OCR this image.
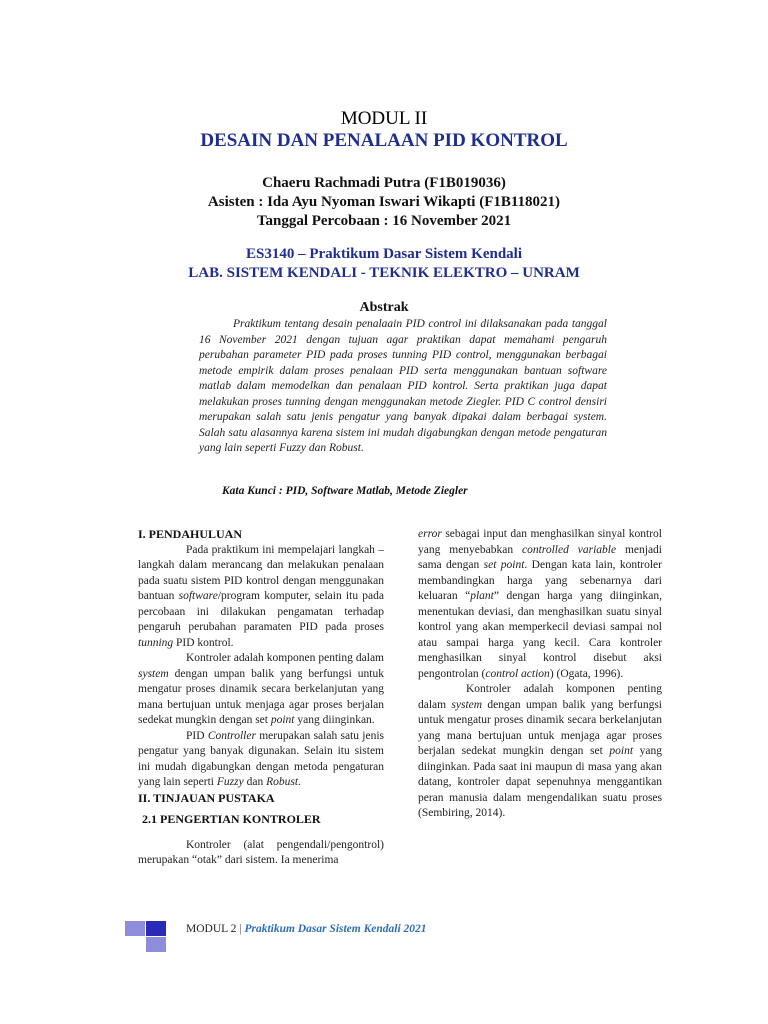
MODUL II
DESAIN DAN PENALAAN PID KONTROL
Chaeru Rachmadi Putra (F1B019036)
Asisten : Ida Ayu Nyoman Iswari Wikapti (F1B118021)
Tanggal Percobaan : 16 November 2021
ES3140 – Praktikum Dasar Sistem Kendali
LAB. SISTEM KENDALI - TEKNIK ELEKTRO – UNRAM
Abstrak

Praktikum tentang desain penalaain PID control ini dilaksanakan pada tanggal 16 November 2021 dengan tujuan agar praktikan dapat memahami pengaruh perubahan parameter PID pada proses tunning PID control, menggunakan berbagai metode empirik dalam proses penalaan PID serta menggunakan bantuan software matlab dalam memodelkan dan penalaan PID kontrol. Serta praktikan juga dapat melakukan proses tunning dengan menggunakan metode Ziegler. PID C control densiri merupakan salah satu jenis pengatur yang banyak dipakai dalam berbagai system. Salah satu alasannya karena sistem ini mudah digabungkan dengan metode pengaturan yang lain seperti Fuzzy dan Robust.

Kata Kunci : PID, Software Matlab, Metode Ziegler

I. PENDAHULUAN

Pada praktikum ini mempelajari langkah – langkah dalam merancang dan melakukan penalaan pada suatu sistem PID kontrol dengan menggunakan bantuan software/program komputer, selain itu pada percobaan ini dilakukan pengamatan terhadap pengaruh perubahan paramaten PID pada proses tunning PID kontrol.

Kontroler adalah komponen penting dalam system dengan umpan balik yang berfungsi untuk mengatur proses dinamik secara berkelanjutan yang mana bertujuan untuk menjaga agar proses berjalan sedekat mungkin dengan set point yang diinginkan.

PID Controller merupakan salah satu jenis pengatur yang banyak digunakan. Selain itu sistem ini mudah digabungkan dengan metoda pengaturan yang lain seperti Fuzzy dan Robust.

II. TINJAUAN PUSTAKA

2.1 PENGERTIAN KONTROLER

Kontroler (alat pengendali/pengontrol) merupakan “otak” dari sistem. Ia menerima

error sebagai input dan menghasilkan sinyal kontrol yang menyebabkan controlled variable menjadi sama dengan set point. Dengan kata lain, kontroler membandingkan harga yang sebenarnya dari keluaran “plant” dengan harga yang diinginkan, menentukan deviasi, dan menghasilkan suatu sinyal kontrol yang akan memperkecil deviasi sampai nol atau sampai harga yang kecil. Cara kontroler menghasilkan sinyal kontrol disebut aksi pengontrolan (control action) (Ogata, 1996).

Kontroler adalah komponen penting dalam system dengan umpan balik yang berfungsi untuk mengatur proses dinamik secara berkelanjutan yang mana bertujuan untuk menjaga agar proses berjalan sedekat mungkin dengan set point yang diinginkan. Pada saat ini maupun di masa yang akan datang, kontroler dapat sepenuhnya menggantikan peran manusia dalam mengendalikan suatu proses (Sembiring, 2014).

MODUL 2 | Praktikum Dasar Sistem Kendali 2021
